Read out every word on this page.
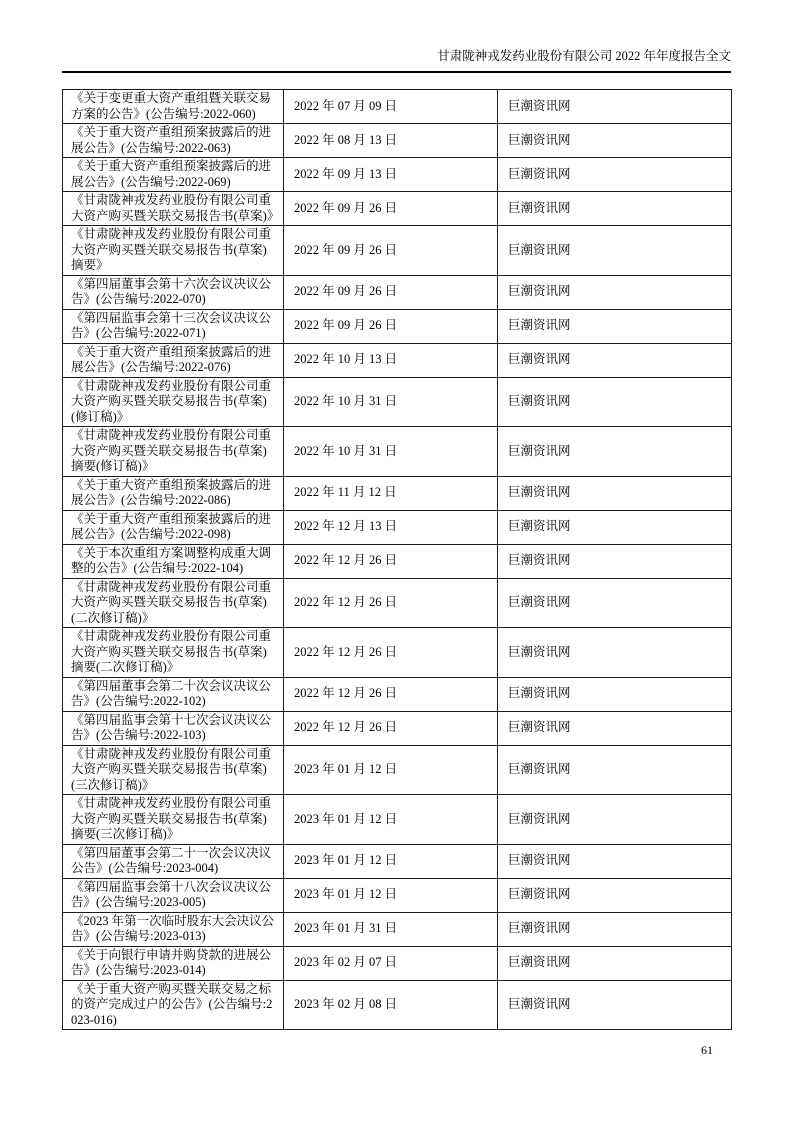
甘肃陇神戎发药业股份有限公司 2022 年年度报告全文
《关于变更重大资产重组暨关联交易方案的公告》(公告编号:2022-060)	2022 年 07 月 09 日	巨潮资讯网
《关于重大资产重组预案披露后的进展公告》(公告编号:2022-063)	2022 年 08 月 13 日	巨潮资讯网
《关于重大资产重组预案披露后的进展公告》(公告编号:2022-069)	2022 年 09 月 13 日	巨潮资讯网
《甘肃陇神戎发药业股份有限公司重大资产购买暨关联交易报告书(草案)》	2022 年 09 月 26 日	巨潮资讯网
《甘肃陇神戎发药业股份有限公司重大资产购买暨关联交易报告书(草案)摘要》	2022 年 09 月 26 日	巨潮资讯网
《第四届董事会第十六次会议决议公告》(公告编号:2022-070)	2022 年 09 月 26 日	巨潮资讯网
《第四届监事会第十三次会议决议公告》(公告编号:2022-071)	2022 年 09 月 26 日	巨潮资讯网
《关于重大资产重组预案披露后的进展公告》(公告编号:2022-076)	2022 年 10 月 13 日	巨潮资讯网
《甘肃陇神戎发药业股份有限公司重大资产购买暨关联交易报告书(草案)(修订稿)》	2022 年 10 月 31 日	巨潮资讯网
《甘肃陇神戎发药业股份有限公司重大资产购买暨关联交易报告书(草案)摘要(修订稿)》	2022 年 10 月 31 日	巨潮资讯网
《关于重大资产重组预案披露后的进展公告》(公告编号:2022-086)	2022 年 11 月 12 日	巨潮资讯网
《关于重大资产重组预案披露后的进展公告》(公告编号:2022-098)	2022 年 12 月 13 日	巨潮资讯网
《关于本次重组方案调整构成重大调整的公告》(公告编号:2022-104)	2022 年 12 月 26 日	巨潮资讯网
《甘肃陇神戎发药业股份有限公司重大资产购买暨关联交易报告书(草案)(二次修订稿)》	2022 年 12 月 26 日	巨潮资讯网
《甘肃陇神戎发药业股份有限公司重大资产购买暨关联交易报告书(草案)摘要(二次修订稿)》	2022 年 12 月 26 日	巨潮资讯网
《第四届董事会第二十次会议决议公告》(公告编号:2022-102)	2022 年 12 月 26 日	巨潮资讯网
《第四届监事会第十七次会议决议公告》(公告编号:2022-103)	2022 年 12 月 26 日	巨潮资讯网
《甘肃陇神戎发药业股份有限公司重大资产购买暨关联交易报告书(草案)(三次修订稿)》	2023 年 01 月 12 日	巨潮资讯网
《甘肃陇神戎发药业股份有限公司重大资产购买暨关联交易报告书(草案)摘要(三次修订稿)》	2023 年 01 月 12 日	巨潮资讯网
《第四届董事会第二十一次会议决议公告》(公告编号:2023-004)	2023 年 01 月 12 日	巨潮资讯网
《第四届监事会第十八次会议决议公告》(公告编号:2023-005)	2023 年 01 月 12 日	巨潮资讯网
《2023 年第一次临时股东大会决议公告》(公告编号:2023-013)	2023 年 01 月 31 日	巨潮资讯网
《关于向银行申请并购贷款的进展公告》(公告编号:2023-014)	2023 年 02 月 07 日	巨潮资讯网
《关于重大资产购买暨关联交易之标的资产完成过户的公告》(公告编号:2023-016)	2023 年 02 月 08 日	巨潮资讯网
61
